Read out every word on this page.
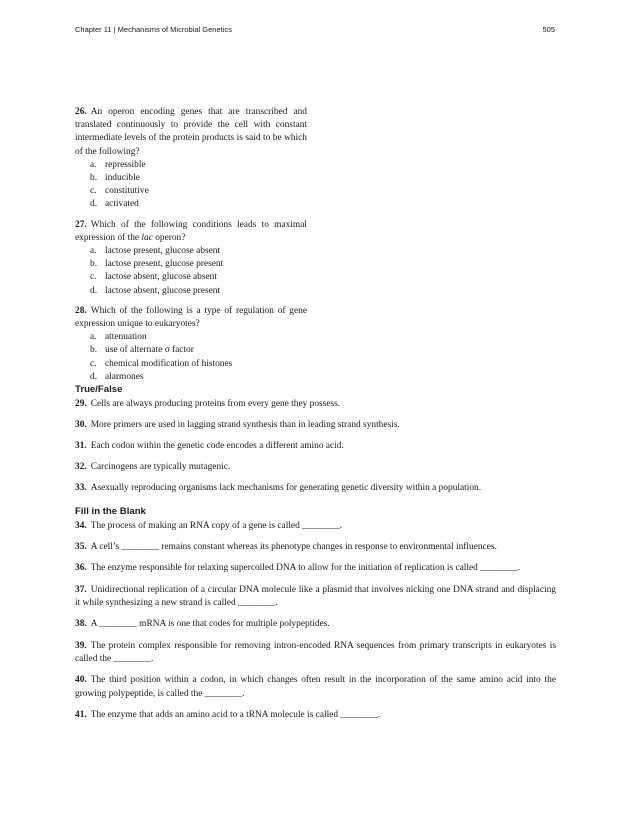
Chapter 11 | Mechanisms of Microbial Genetics	505
26. An operon encoding genes that are transcribed and translated continuously to provide the cell with constant intermediate levels of the protein products is said to be which of the following?
a. repressible
b. inducible
c. constitutive
d. activated
27. Which of the following conditions leads to maximal expression of the lac operon?
a. lactose present, glucose absent
b. lactose present, glucose present
c. lactose absent, glucose absent
d. lactose absent, glucose present
28. Which of the following is a type of regulation of gene expression unique to eukaryotes?
a. attenuation
b. use of alternate σ factor
c. chemical modification of histones
d. alarmones
True/False

29. Cells are always producing proteins from every gene they possess.

30. More primers are used in lagging strand synthesis than in leading strand synthesis.

31. Each codon within the genetic code encodes a different amino acid.

32. Carcinogens are typically mutagenic.

33. Asexually reproducing organisms lack mechanisms for generating genetic diversity within a population.

Fill in the Blank

34. The process of making an RNA copy of a gene is called ________.

35. A cell’s ________ remains constant whereas its phenotype changes in response to environmental influences.

36. The enzyme responsible for relaxing supercoiled DNA to allow for the initiation of replication is called ________.

37. Unidirectional replication of a circular DNA molecule like a plasmid that involves nicking one DNA strand and displacing it while synthesizing a new strand is called ________.

38. A ________ mRNA is one that codes for multiple polypeptides.

39. The protein complex responsible for removing intron-encoded RNA sequences from primary transcripts in eukaryotes is called the ________.

40. The third position within a codon, in which changes often result in the incorporation of the same amino acid into the growing polypeptide, is called the ________.

41. The enzyme that adds an amino acid to a tRNA molecule is called ________.
